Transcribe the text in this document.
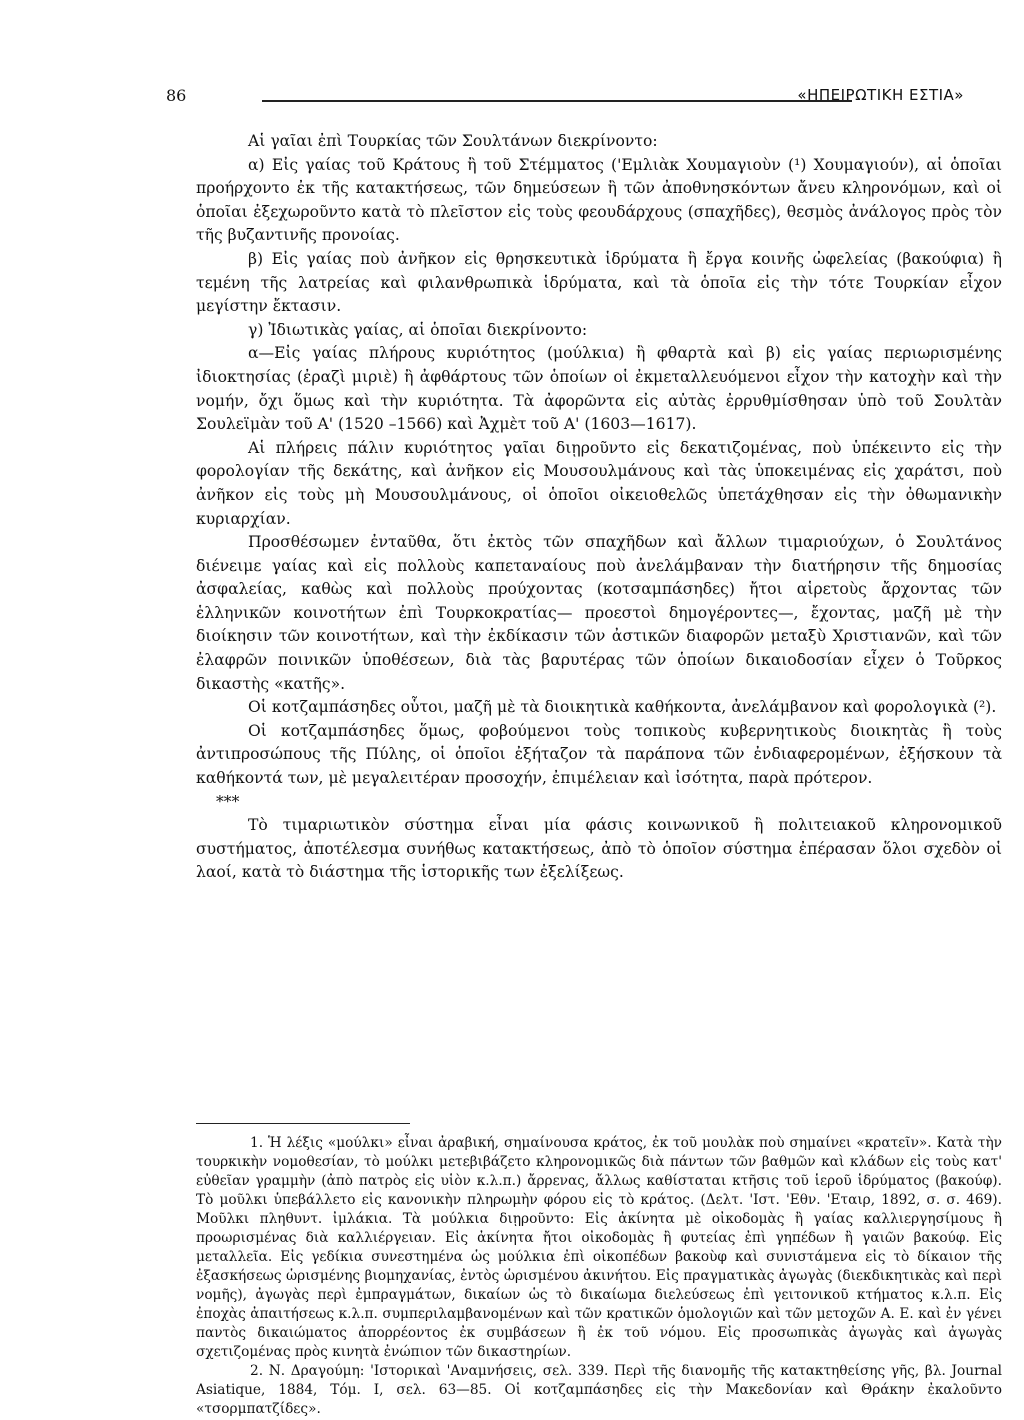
86	«ΗΠΕΙΡΩΤΙΚΗ ΕΣΤΙΑ»

Αἱ γαῖαι ἐπὶ Τουρκίας τῶν Σουλτάνων διεκρίνοντο:

α) Εἰς γαίας τοῦ Κράτους ἢ τοῦ Στέμματος ('Εμλιὰκ Χουμαγιοὺν (¹) Χουμαγιούν), αἱ ὁποῖαι προήρχοντο ἐκ τῆς κατακτήσεως, τῶν δημεύσεων ἢ τῶν ἀποθνησκόντων ἄνευ κληρονόμων, καὶ οἱ ὁποῖαι ἐξεχωροῦντο κατὰ τὸ πλεῖστον εἰς τοὺς φεουδάρχους (σπαχῆδες), θεσμὸς ἀνάλογος πρὸς τὸν τῆς βυζαντινῆς προνοίας.

β) Εἰς γαίας ποὺ ἀνῆκον εἰς θρησκευτικὰ ἱδρύματα ἢ ἔργα κοινῆς ὠφελείας (βακούφια) ἢ τεμένη τῆς λατρείας καὶ φιλανθρωπικὰ ἱδρύματα, καὶ τὰ ὁποῖα εἰς τὴν τότε Τουρκίαν εἶχον μεγίστην ἔκτασιν.

γ) Ἰδιωτικὰς γαίας, αἱ ὁποῖαι διεκρίνοντο:

α—Εἰς γαίας πλήρους κυριότητος (μούλκια) ἢ φθαρτὰ καὶ β) εἰς γαίας περιωρισμένης ἰδιοκτησίας (ἐραζὶ μιριὲ) ἢ ἀφθάρτους τῶν ὁποίων οἱ ἐκμεταλλευόμενοι εἶχον τὴν κατοχὴν καὶ τὴν νομήν, ὄχι ὅμως καὶ τὴν κυριότητα. Τὰ ἀφορῶντα εἰς αὐτὰς ἐρρυθμίσθησαν ὑπὸ τοῦ Σουλτὰν Σουλεϊμὰν τοῦ Α' (1520 –1566) καὶ Ἀχμὲτ τοῦ Α' (1603—1617).

Αἱ πλήρεις πάλιν κυριότητος γαῖαι διῃροῦντο εἰς δεκατιζομένας, ποὺ ὑπέκειντο εἰς τὴν φορολογίαν τῆς δεκάτης, καὶ ἀνῆκον εἰς Μουσουλμάνους καὶ τὰς ὑποκειμένας εἰς χαράτσι, ποὺ ἀνῆκον εἰς τοὺς μὴ Μουσουλμάνους, οἱ ὁποῖοι οἰκειοθελῶς ὑπετάχθησαν εἰς τὴν ὀθωμανικὴν κυριαρχίαν.

Προσθέσωμεν ἐνταῦθα, ὅτι ἐκτὸς τῶν σπαχῆδων καὶ ἄλλων τιμαριούχων, ὁ Σουλτάνος διένειμε γαίας καὶ εἰς πολλοὺς καπεταναίους ποὺ ἀνελάμβαναν τὴν διατήρησιν τῆς δημοσίας ἀσφαλείας, καθὼς καὶ πολλοὺς προύχοντας (κοτσαμπάσηδες) ἤτοι αἱρετοὺς ἄρχοντας τῶν ἑλληνικῶν κοινοτήτων ἐπὶ Τουρκοκρατίας— προεστοὶ δημογέροντες—, ἔχοντας, μαζῆ μὲ τὴν διοίκησιν τῶν κοινοτήτων, καὶ τὴν ἐκδίκασιν τῶν ἀστικῶν διαφορῶν μεταξὺ Χριστιανῶν, καὶ τῶν ἐλαφρῶν ποινικῶν ὑποθέσεων, διὰ τὰς βαρυτέρας τῶν ὁποίων δικαιοδοσίαν εἶχεν ὁ Τοῦρκος δικαστὴς «κατῆς».

Οἱ κοτζαμπάσηδες οὗτοι, μαζῆ μὲ τὰ διοικητικὰ καθήκοντα, ἀνελάμβανον καὶ φορολογικὰ (²).

Οἱ κοτζαμπάσηδες ὅμως, φοβούμενοι τοὺς τοπικοὺς κυβερνητικοὺς διοικητὰς ἢ τοὺς ἀντιπροσώπους τῆς Πύλης, οἱ ὁποῖοι ἐξήταζον τὰ παράπονα τῶν ἐνδιαφερομένων, ἐξήσκουν τὰ καθήκοντά των, μὲ μεγαλειτέραν προσοχήν, ἐπιμέλειαν καὶ ἰσότητα, παρὰ πρότερον.

***

Τὸ τιμαριωτικὸν σύστημα εἶναι μία φάσις κοινωνικοῦ ἢ πολιτειακοῦ κληρονομικοῦ συστήματος, ἀποτέλεσμα συνήθως κατακτήσεως, ἀπὸ τὸ ὁποῖον σύστημα ἐπέρασαν ὅλοι σχεδὸν οἱ λαοί, κατὰ τὸ διάστημα τῆς ἱστορικῆς των ἐξελίξεως.

1. Ἡ λέξις «μούλκι» εἶναι ἀραβική, σημαίνουσα κράτος, ἐκ τοῦ μουλὰκ ποὺ σημαίνει «κρατεῖν». Κατὰ τὴν τουρκικὴν νομοθεσίαν, τὸ μούλκι μετεβιβάζετο κληρονομικῶς διὰ πάντων τῶν βαθμῶν καὶ κλάδων εἰς τοὺς κατ' εὐθεῖαν γραμμὴν (ἀπὸ πατρὸς εἰς υἱὸν κ.λ.π.) ἄρρενας, ἄλλως καθίσταται κτῆσις τοῦ ἱεροῦ ἱδρύματος (βακούφ). Τὸ μοῦλκι ὑπεβάλλετο εἰς κανονικὴν πληρωμὴν φόρου εἰς τὸ κράτος. (Δελτ. 'Ιστ. 'Εθν. 'Εταιρ, 1892, σ. σ. 469). Μοῦλκι πληθυντ. ἰμλάκια. Τὰ μούλκια διῃροῦντο: Εἰς ἀκίνητα μὲ οἰκοδομὰς ἢ γαίας καλλιεργησίμους ἢ προωρισμένας διὰ καλλιέργειαν. Εἰς ἀκίνητα ἤτοι οἰκοδομὰς ἢ φυτείας ἐπὶ γηπέδων ἢ γαιῶν βακούφ. Εἰς μεταλλεῖα. Εἰς γεδίκια συνεστημένα ὡς μούλκια ἐπὶ οἰκοπέδων βακοὺφ καὶ συνιστάμενα εἰς τὸ δίκαιον τῆς ἐξασκήσεως ὡρισμένης βιομηχανίας, ἐντὸς ὡρισμένου ἀκινήτου. Εἰς πραγματικὰς ἀγωγὰς (διεκδικητικὰς καὶ περὶ νομῆς), ἀγωγὰς περὶ ἐμπραγμάτων, δικαίων ὡς τὸ δικαίωμα διελεύσεως ἐπὶ γειτονικοῦ κτήματος κ.λ.π. Εἰς ἐποχὰς ἀπαιτήσεως κ.λ.π. συμπεριλαμβανομένων καὶ τῶν κρατικῶν ὁμολογιῶν καὶ τῶν μετοχῶν Α. Ε. καὶ ἐν γένει παντὸς δικαιώματος ἀπορρέοντος ἐκ συμβάσεων ἢ ἐκ τοῦ νόμου. Εἰς προσωπικὰς ἀγωγὰς καὶ ἀγωγὰς σχετιζομένας πρὸς κινητὰ ἐνώπιον τῶν δικαστηρίων.

2. Ν. Δραγούμη: 'Ιστορικαὶ 'Αναμνήσεις, σελ. 339. Περὶ τῆς διανομῆς τῆς κατακτηθείσης γῆς, βλ. Journal Asiatique, 1884, Τόμ. Ι, σελ. 63—85. Οἱ κοτζαμπάσηδες εἰς τὴν Μακεδονίαν καὶ Θράκην ἐκαλοῦντο «τσορμπατζίδες».
